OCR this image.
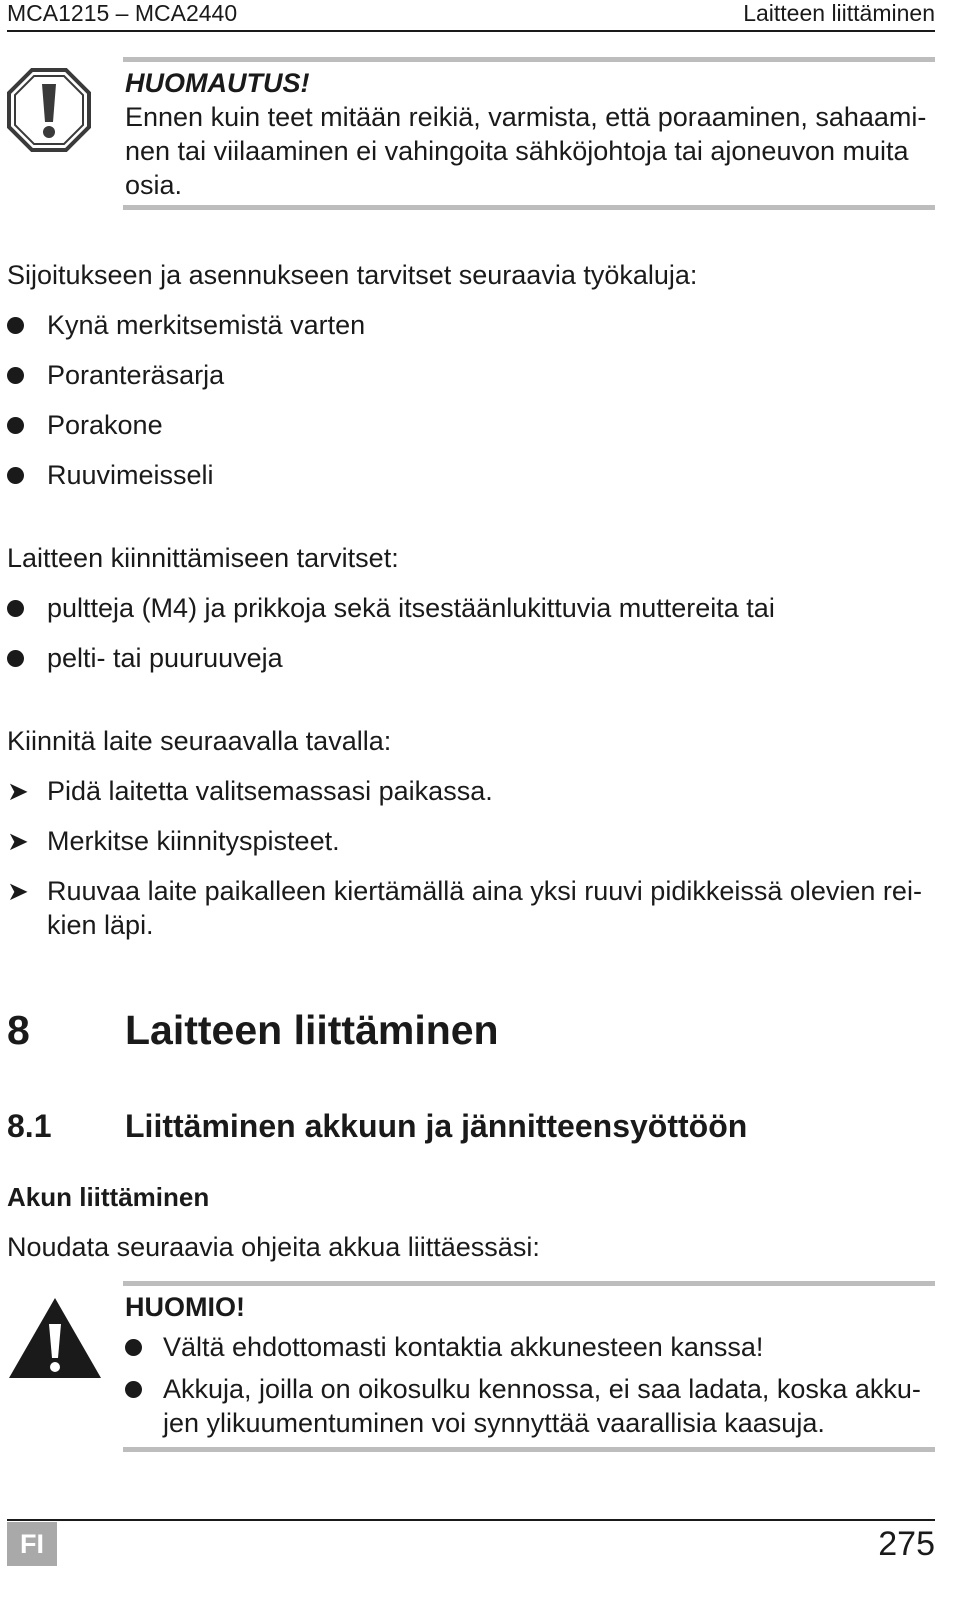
MCA1215 – MCA2440	Laitteen liittäminen
HUOMAUTUS!
Ennen kuin teet mitään reikiä, varmista, että poraaminen, sahaami-
nen tai viilaaminen ei vahingoita sähköjohtoja tai ajoneuvon muita
osia.
Sijoitukseen ja asennukseen tarvitset seuraavia työkaluja:
Kynä merkitsemistä varten
Poranteräsarja
Porakone
Ruuvimeisseli
Laitteen kiinnittämiseen tarvitset:
pultteja (M4) ja prikkoja sekä itsestäänlukittuvia muttereita tai
pelti- tai puuruuveja
Kiinnitä laite seuraavalla tavalla:
➤ Pidä laitetta valitsemassasi paikassa.
➤ Merkitse kiinnityspisteet.
➤ Ruuvaa laite paikalleen kiertämällä aina yksi ruuvi pidikkeissä olevien rei-
kien läpi.
8 Laitteen liittäminen
8.1 Liittäminen akkuun ja jännitteensyöttöön
Akun liittäminen
Noudata seuraavia ohjeita akkua liittäessäsi:
HUOMIO!
Vältä ehdottomasti kontaktia akkunesteen kanssa!
Akkuja, joilla on oikosulku kennossa, ei saa ladata, koska akku-
jen ylikuumentuminen voi synnyttää vaarallisia kaasuja.
FI	275
